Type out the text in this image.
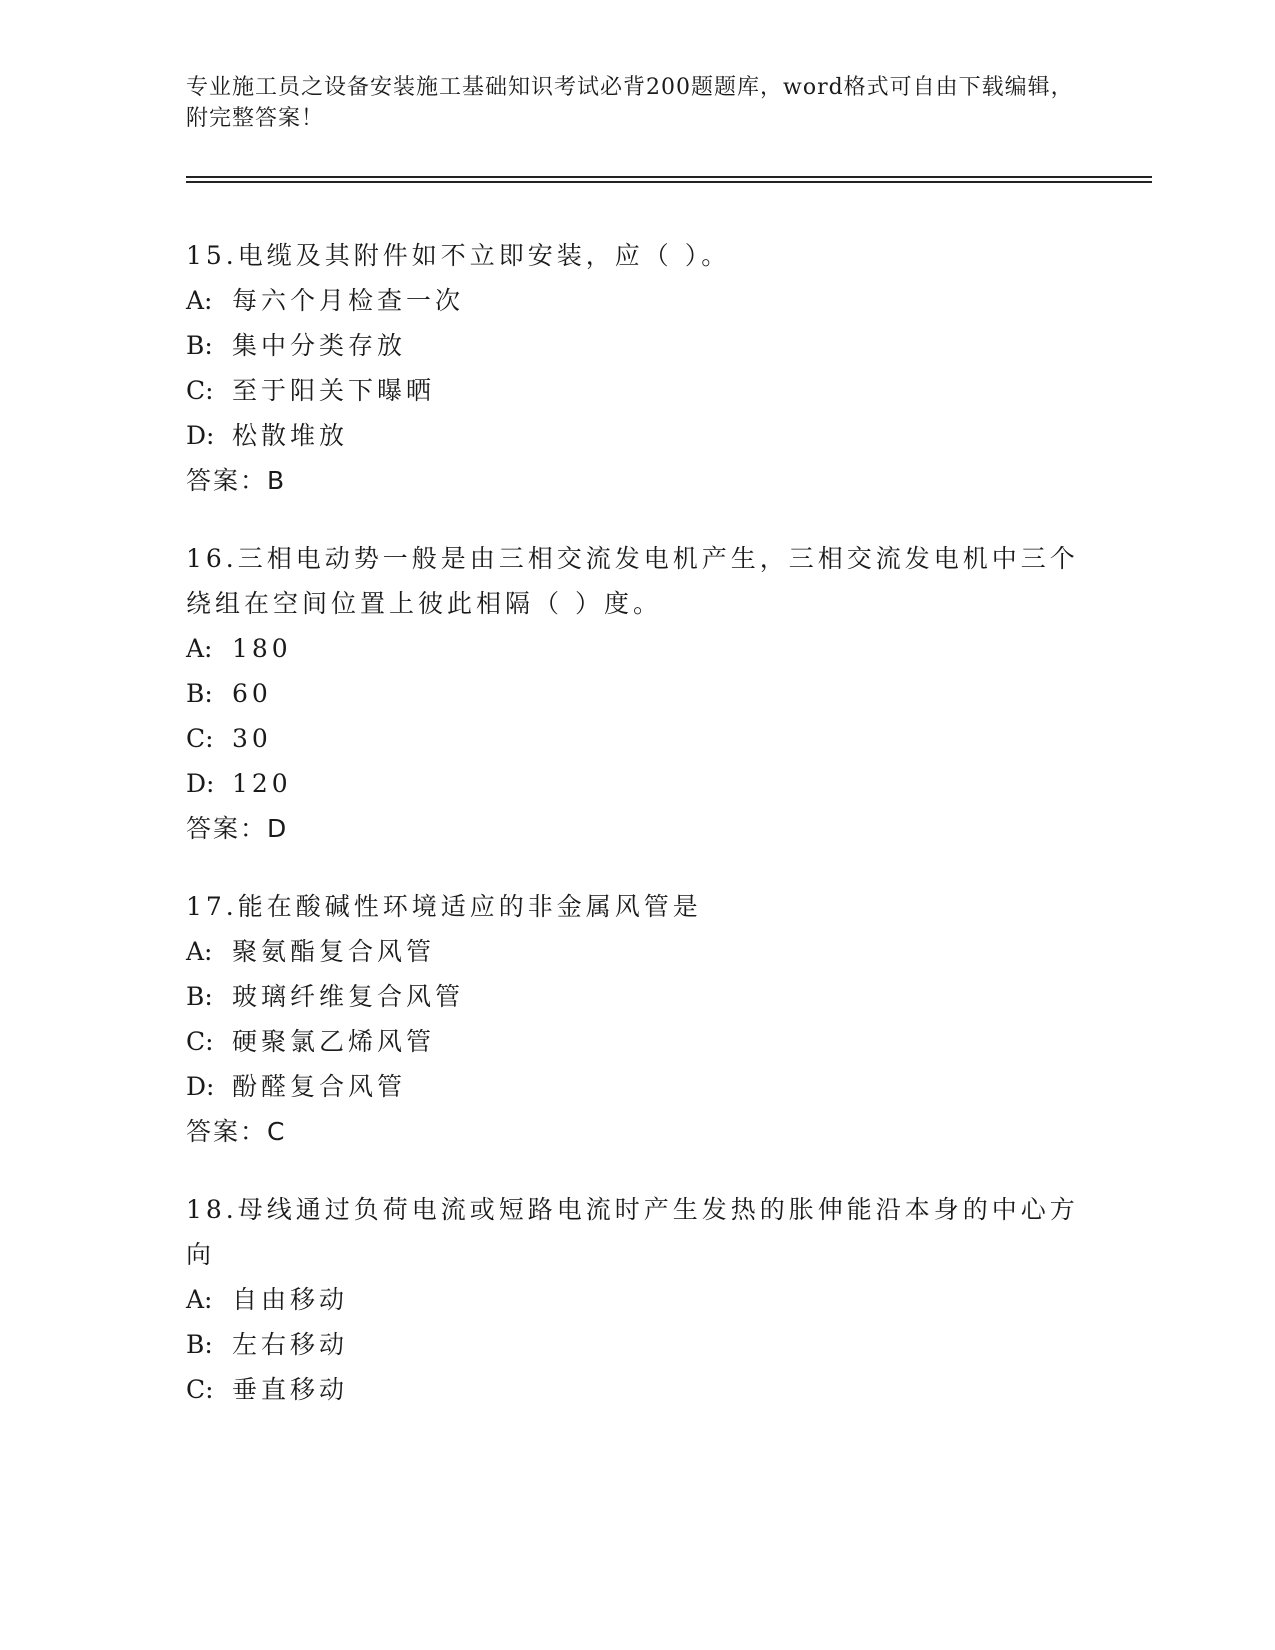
专业施工员之设备安装施工基础知识考试必背200题题库，word格式可自由下载编辑，附完整答案！

15.电缆及其附件如不立即安装，应（ ）。

A: 每六个月检查一次

B: 集中分类存放

C: 至于阳关下曝晒

D: 松散堆放

答案：B

16.三相电动势一般是由三相交流发电机产生，三相交流发电机中三个绕组在空间位置上彼此相隔（ ）度。

A: 180

B: 60

C: 30

D: 120

答案：D

17.能在酸碱性环境适应的非金属风管是

A: 聚氨酯复合风管

B: 玻璃纤维复合风管

C: 硬聚氯乙烯风管

D: 酚醛复合风管

答案：C

18.母线通过负荷电流或短路电流时产生发热的胀伸能沿本身的中心方向

A: 自由移动

B: 左右移动

C: 垂直移动
